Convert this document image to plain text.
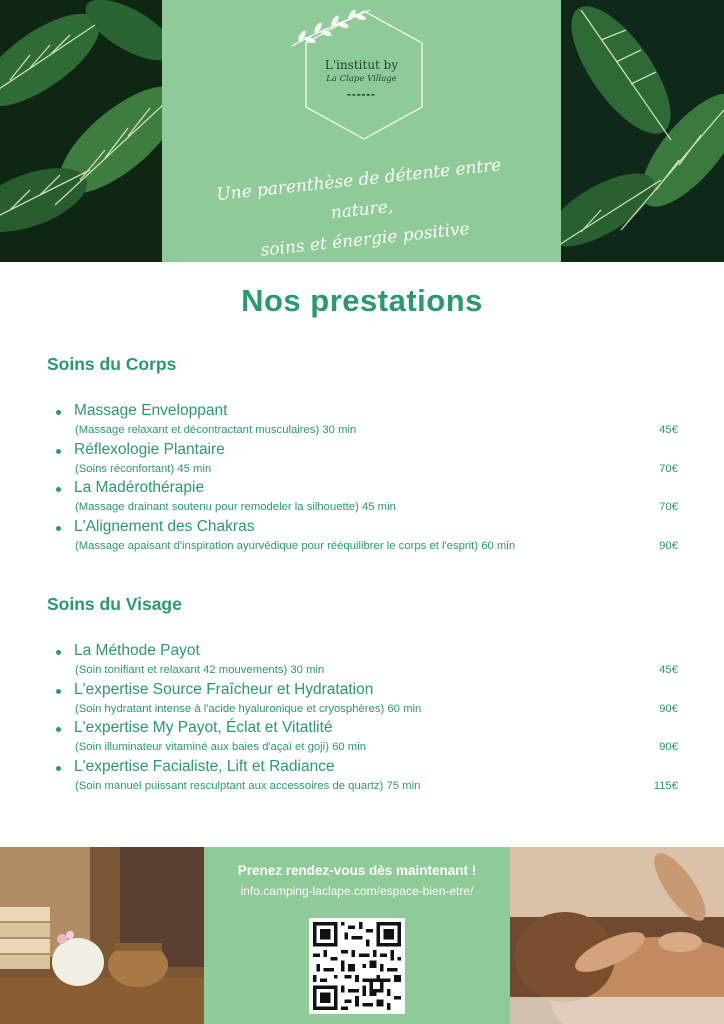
L'institut by
La Clape Village
▬▬▬▬▬▬
Une parenthèse de détente entre nature,
soins et énergie positive
Nos prestations
Soins du Corps
Massage Enveloppant
(Massage relaxant et décontractant musculaires) 30 min	45€
Réflexologie Plantaire
(Soins réconfortant) 45 min	70€
La Madérothérapie
(Massage drainant soutenu pour remodeler la silhouette) 45 min	70€
L'Alignement des Chakras
(Massage apaisant d'inspiration ayurvédique pour rééquilibrer le corps et l'esprit) 60 min	90€
Soins du Visage
La Méthode Payot
(Soin tonifiant et relaxant 42 mouvements) 30 min	45€
L'expertise Source Fraîcheur et Hydratation
(Soin hydratant intense à l'acide hyaluronique et cryosphères) 60 min	90€
L'expertise My Payot, Éclat et Vitatlité
(Soin illuminateur vitaminé aux baies d'açaï et goji) 60 min	90€
L'expertise Facialiste, Lift et Radiance
(Soin manuel puissant resculptant aux accessoires de quartz) 75 min	115€
Prenez rendez-vous dès maintenant !
info.camping-laclape.com/espace-bien-etre/
